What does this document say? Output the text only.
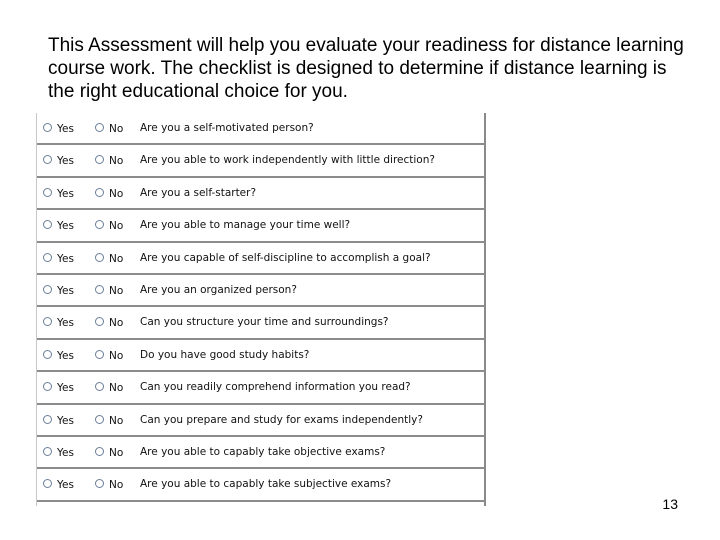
This Assessment will help you evaluate your readiness for distance learning course work. The checklist is designed to determine if distance learning is the right educational choice for you.

Yes	No Are you a self-motivated person?
Yes	No Are you able to work independently with little direction?
Yes	No Are you a self-starter?
Yes	No Are you able to manage your time well?
Yes	No Are you capable of self-discipline to accomplish a goal?
Yes	No Are you an organized person?
Yes	No Can you structure your time and surroundings?
Yes	No Do you have good study habits?
Yes	No Can you readily comprehend information you read?
Yes	No Can you prepare and study for exams independently?
Yes	No Are you able to capably take objective exams?
Yes	No Are you able to capably take subjective exams?
13
